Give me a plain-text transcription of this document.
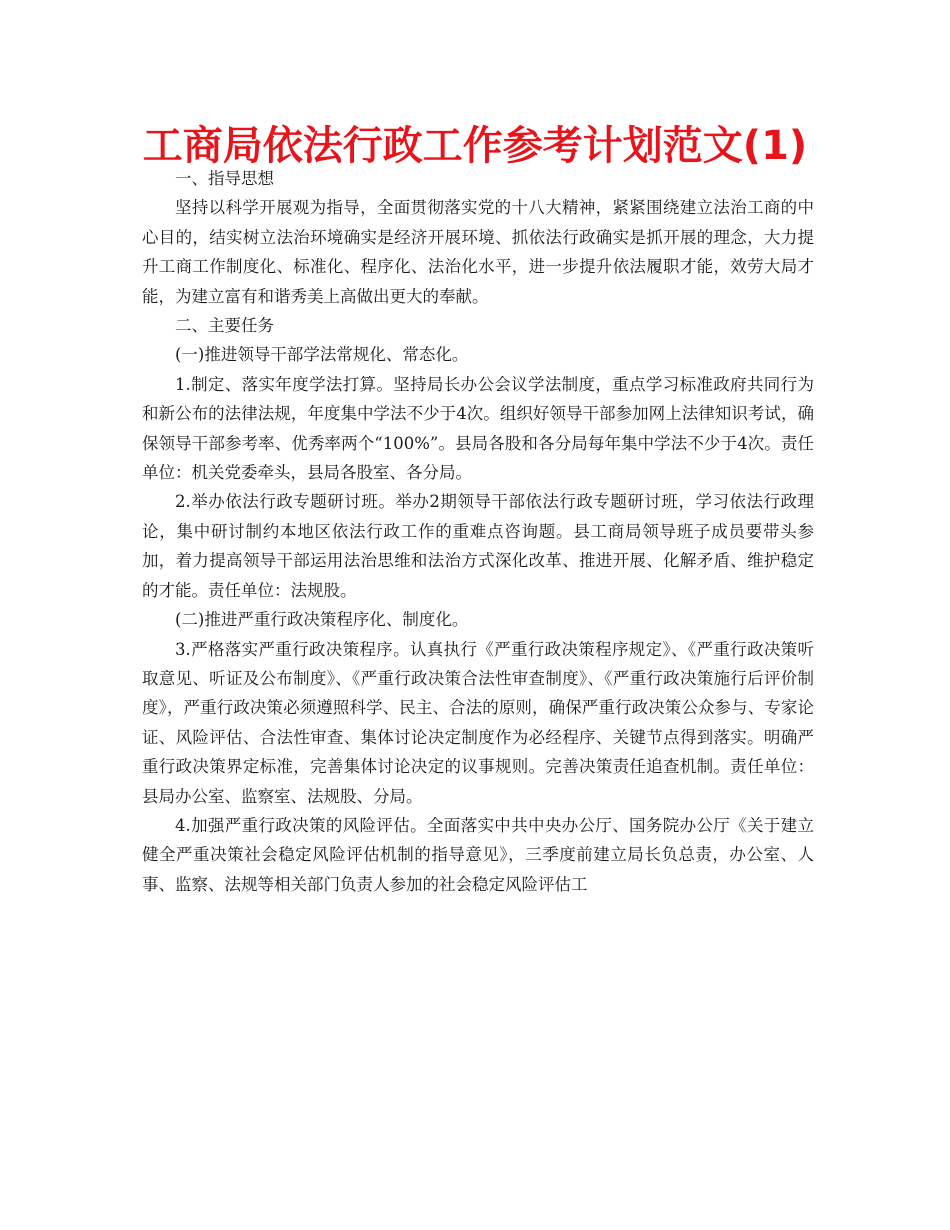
工商局依法行政工作参考计划范文(1)

一、指导思想

坚持以科学开展观为指导，全面贯彻落实党的十八大精神，紧紧围绕建立法治工商的中心目的，结实树立法治环境确实是经济开展环境、抓依法行政确实是抓开展的理念，大力提升工商工作制度化、标准化、程序化、法治化水平，进一步提升依法履职才能，效劳大局才能，为建立富有和谐秀美上高做出更大的奉献。

二、主要任务

(一)推进领导干部学法常规化、常态化。

1.制定、落实年度学法打算。坚持局长办公会议学法制度，重点学习标准政府共同行为和新公布的法律法规，年度集中学法不少于4次。组织好领导干部参加网上法律知识考试，确保领导干部参考率、优秀率两个“100%”。县局各股和各分局每年集中学法不少于4次。责任单位：机关党委牵头，县局各股室、各分局。

2.举办依法行政专题研讨班。举办2期领导干部依法行政专题研讨班，学习依法行政理论，集中研讨制约本地区依法行政工作的重难点咨询题。县工商局领导班子成员要带头参加，着力提高领导干部运用法治思维和法治方式深化改革、推进开展、化解矛盾、维护稳定的才能。责任单位：法规股。

(二)推进严重行政决策程序化、制度化。

3.严格落实严重行政决策程序。认真执行《严重行政决策程序规定》、《严重行政决策听取意见、听证及公布制度》、《严重行政决策合法性审查制度》、《严重行政决策施行后评价制度》，严重行政决策必须遵照科学、民主、合法的原则，确保严重行政决策公众参与、专家论证、风险评估、合法性审查、集体讨论决定制度作为必经程序、关键节点得到落实。明确严重行政决策界定标准，完善集体讨论决定的议事规则。完善决策责任追查机制。责任单位：县局办公室、监察室、法规股、分局。

4.加强严重行政决策的风险评估。全面落实中共中央办公厅、国务院办公厅《关于建立健全严重决策社会稳定风险评估机制的指导意见》，三季度前建立局长负总责，办公室、人事、监察、法规等相关部门负责人参加的社会稳定风险评估工
